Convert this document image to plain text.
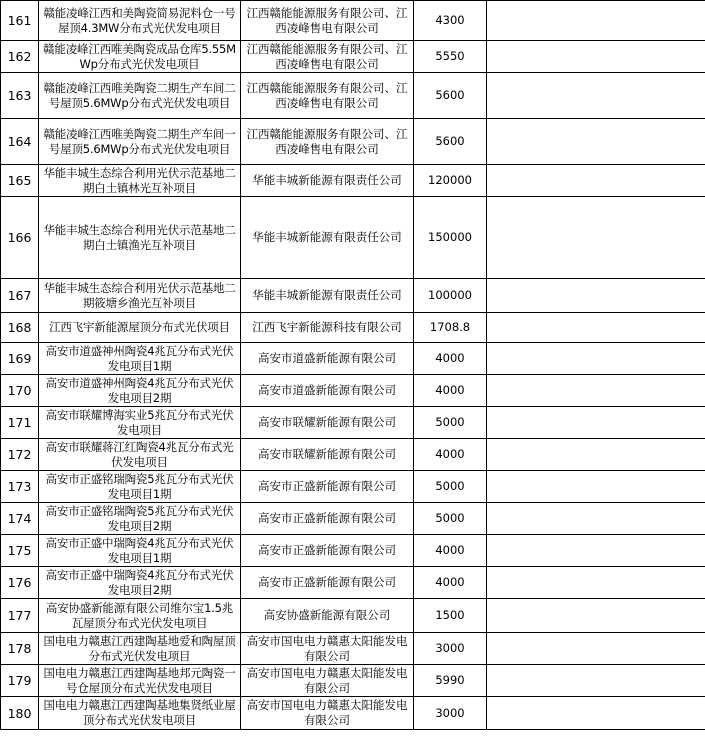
161	赣能凌峰江西和美陶瓷简易泥料仓一号屋顶4.3MW分布式光伏发电项目	江西赣能能源服务有限公司、江西凌峰售电有限公司	4300	
162	赣能凌峰江西唯美陶瓷成品仓库5.55MWp分布式光伏发电项目	江西赣能能源服务有限公司、江西凌峰售电有限公司	5550	
163	赣能凌峰江西唯美陶瓷二期生产车间二号屋顶5.6MWp分布式光伏发电项目	江西赣能能源服务有限公司、江西凌峰售电有限公司	5600	
164	赣能凌峰江西唯美陶瓷二期生产车间一号屋顶5.6MWp分布式光伏发电项目	江西赣能能源服务有限公司、江西凌峰售电有限公司	5600	
165	华能丰城生态综合利用光伏示范基地二期白土镇林光互补项目	华能丰城新能源有限责任公司	120000	
166	华能丰城生态综合利用光伏示范基地二期白土镇渔光互补项目	华能丰城新能源有限责任公司	150000	
167	华能丰城生态综合利用光伏示范基地二期筱塘乡渔光互补项目	华能丰城新能源有限责任公司	100000	
168	江西飞宇新能源屋顶分布式光伏项目	江西飞宇新能源科技有限公司	1708.8	
169	高安市道盛神州陶瓷4兆瓦分布式光伏发电项目1期	高安市道盛新能源有限公司	4000	
170	高安市道盛神州陶瓷4兆瓦分布式光伏发电项目2期	高安市道盛新能源有限公司	4000	
171	高安市联耀博海实业5兆瓦分布式光伏发电项目	高安市联耀新能源有限公司	5000	
172	高安市联耀蒋江红陶瓷4兆瓦分布式光伏发电项目	高安市联耀新能源有限公司	4000	
173	高安市正盛铭瑞陶瓷5兆瓦分布式光伏发电项目1期	高安市正盛新能源有限公司	5000	
174	高安市正盛铭瑞陶瓷5兆瓦分布式光伏发电项目2期	高安市正盛新能源有限公司	5000	
175	高安市正盛中瑞陶瓷4兆瓦分布式光伏发电项目1期	高安市正盛新能源有限公司	4000	
176	高安市正盛中瑞陶瓷4兆瓦分布式光伏发电项目2期	高安市正盛新能源有限公司	4000	
177	高安协盛新能源有限公司维尔宝1.5兆瓦屋顶分布式光伏发电项目	高安协盛新能源有限公司	1500	
178	国电电力赣惠江西建陶基地爱和陶屋顶分布式光伏发电项目	高安市国电电力赣惠太阳能发电有限公司	3000	
179	国电电力赣惠江西建陶基地邦元陶瓷一号仓屋顶分布式光伏发电项目	高安市国电电力赣惠太阳能发电有限公司	5990	
180	国电电力赣惠江西建陶基地集贤纸业屋顶分布式光伏发电项目	高安市国电电力赣惠太阳能发电有限公司	3000	
